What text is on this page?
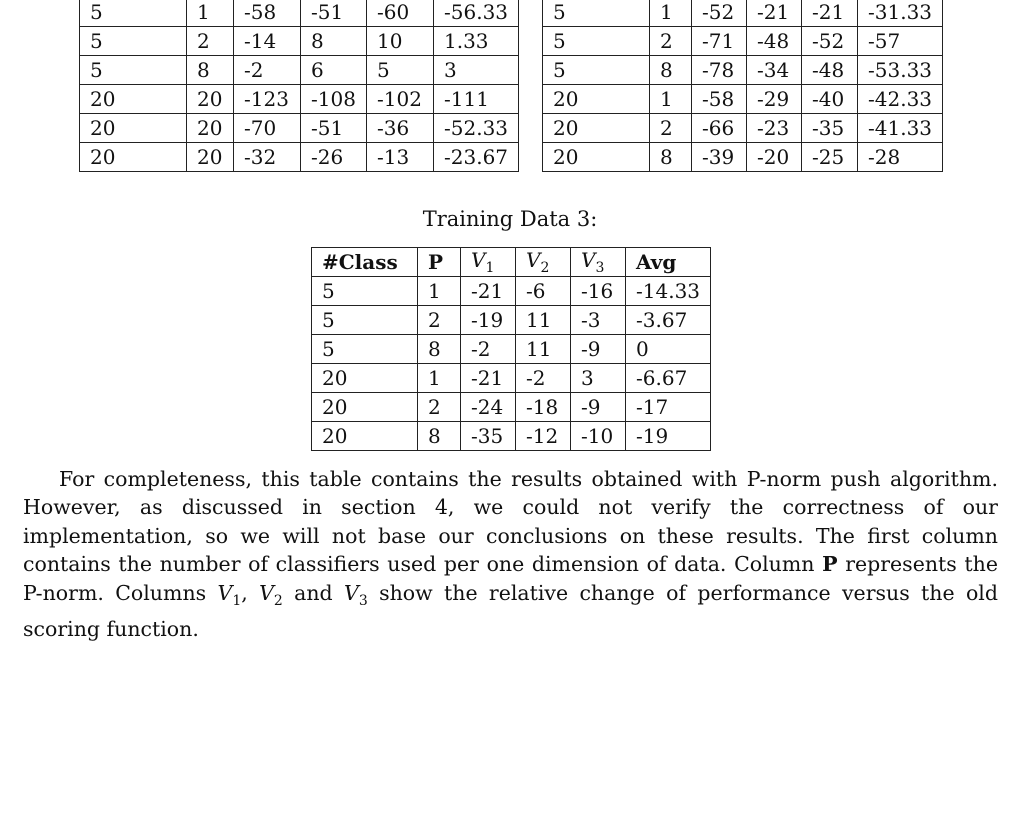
5	1	-58	-51	-60	-56.33
5	2	-14	8	10	1.33
5	8	-2	6	5	3
20	20	-123	-108	-102	-111
20	20	-70	-51	-36	-52.33
20	20	-32	-26	-13	-23.67
5	1	-52	-21	-21	-31.33
5	2	-71	-48	-52	-57
5	8	-78	-34	-48	-53.33
20	1	-58	-29	-40	-42.33
20	2	-66	-23	-35	-41.33
20	8	-39	-20	-25	-28
Training Data 3:
#Class	P	$V_1$	$V_2$	$V_3$	Avg
5	1	-21	-6	-16	-14.33
5	2	-19	11	-3	-3.67
5	8	-2	11	-9	0
20	1	-21	-2	3	-6.67
20	2	-24	-18	-9	-17
20	8	-35	-12	-10	-19

For completeness, this table contains the results obtained with P-norm push algorithm. However, as discussed in section 4, we could not verify the correctness of our implementation, so we will not base our conclusions on these results. The first column contains the number of classifiers used per one dimension of data. Column P represents the P-norm. Columns $V_1$, $V_2$ and $V_3$ show the relative change of performance versus the old scoring function.
